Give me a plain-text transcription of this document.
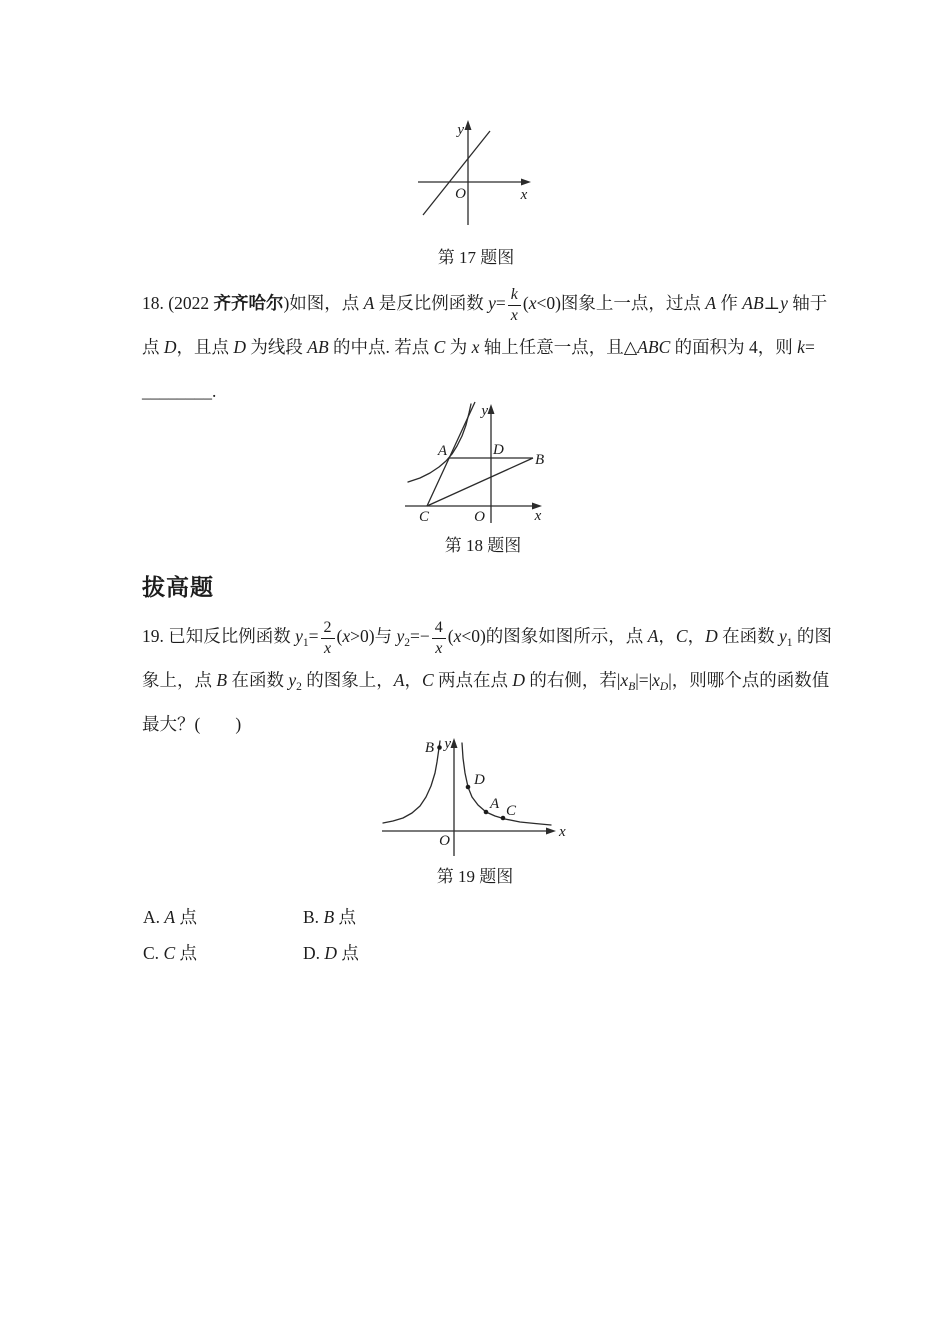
y
x
O
第 17 题图
18. (2022 齐齐哈尔)如图，点 A 是反比例函数 $y= \frac{k}{x} (x<0)$图象上一点，过点 A 作 AB⊥y 轴于
点 D，且点 D 为线段 AB 的中点. 若点 C 为 x 轴上任意一点，且△ABC 的面积为 4，则 k=
________.
A	D
B
C	O	x
y
第 18 题图
拔高题
19. 已知反比例函数 $y_1= \frac{2}{x} (x>0)$与 $y_2=- \frac{4}{x} (x<0)$的图象如图所示，点 A，C，D 在函数 $y_1$ 的图
象上，点 B 在函数 $y_2$ 的图象上，A，C 两点在点 D 的右侧，若$|x_B|=|x_D|$，则哪个点的函数值
最大？(　　)
B
D
A C
O
x
y
第 19 题图
A. A 点	B. B 点
C. C 点	D. D 点
